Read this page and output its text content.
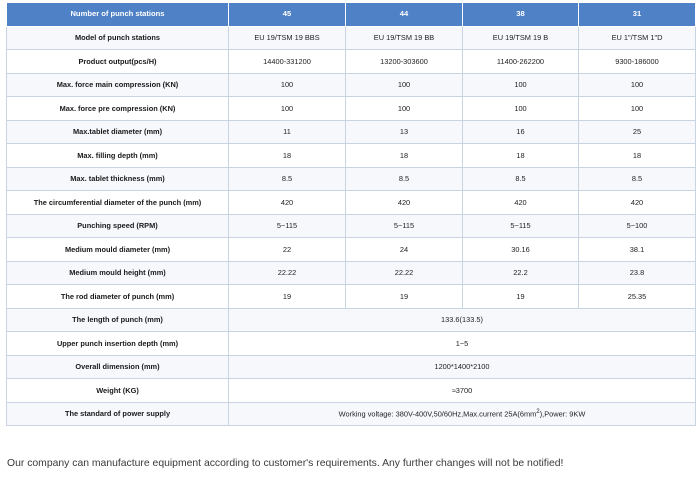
Number of punch stations	45	44	38	31
Model of punch stations	EU 19/TSM 19 BBS	EU 19/TSM 19 BB	EU 19/TSM 19 B	EU 1"/TSM 1"D
Product output(pcs/H)	14400-331200	13200-303600	11400-262200	9300-186000
Max. force main compression (KN)	100	100	100	100
Max. force pre compression (KN)	100	100	100	100
Max.tablet diameter (mm)	11	13	16	25
Max. filling depth (mm)	18	18	18	18
Max. tablet thickness (mm)	8.5	8.5	8.5	8.5
The circumferential diameter of the punch (mm)	420	420	420	420
Punching speed (RPM)	5~115	5~115	5~115	5~100
Medium mould diameter (mm)	22	24	30.16	38.1
Medium mould height (mm)	22.22	22.22	22.2	23.8
The rod diameter of punch (mm)	19	19	19	25.35
The length of punch (mm)	133.6(133.5)			
Upper punch insertion depth (mm)	1~5			
Overall dimension (mm)	1200*1400*2100			
Weight (KG)	≈3700			
The standard of power supply	Working voltage: 380V-400V,50/60Hz,Max.current $25A(6mm^2),Power$: 9KW			
Our company can manufacture equipment according to customer's requirements. Any further changes will not be notified!
